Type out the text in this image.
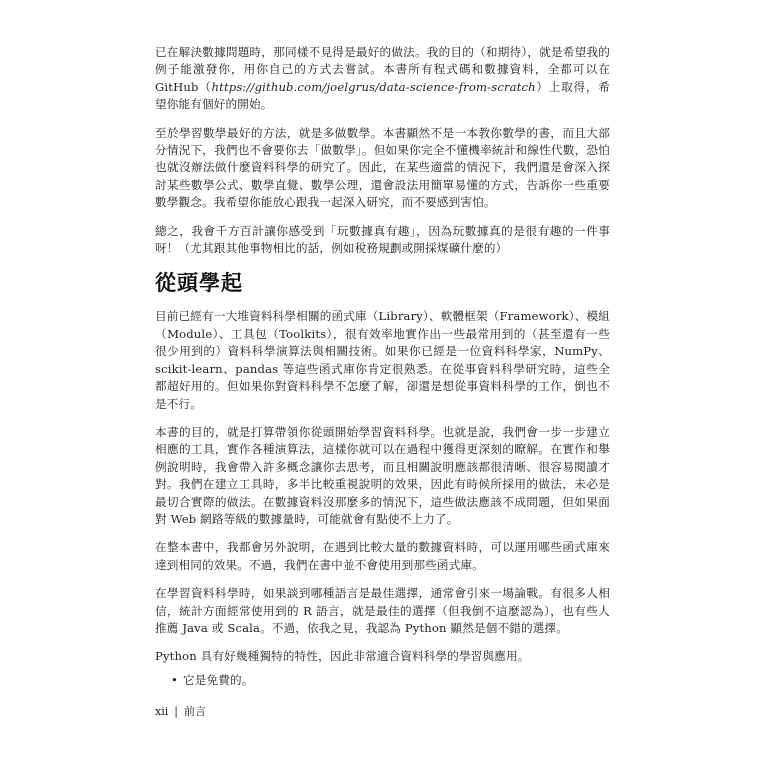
已在解決數據問題時，那同樣不見得是最好的做法。我的目的（和期待），就是希望我的例子能激發你，用你自己的方式去嘗試。本書所有程式碼和數據資料，全都可以在 GitHub（https://github.com/joelgrus/data-science-from-scratch）上取得，希望你能有個好的開始。

至於學習數學最好的方法，就是多做數學。本書顯然不是一本教你數學的書，而且大部分情況下，我們也不會要你去「做數學」。但如果你完全不懂機率統計和線性代數，恐怕也就沒辦法做什麼資料科學的研究了。因此，在某些適當的情況下，我們還是會深入探討某些數學公式、數學直覺、數學公理，還會設法用簡單易懂的方式，告訴你一些重要數學觀念。我希望你能放心跟我一起深入研究，而不要感到害怕。

總之，我會千方百計讓你感受到「玩數據真有趣」，因為玩數據真的是很有趣的一件事呀！（尤其跟其他事物相比的話，例如稅務規劃或開採煤礦什麼的）

從頭學起

目前已經有一大堆資料科學相關的函式庫（Library）、軟體框架（Framework）、模組（Module）、工具包（Toolkits），很有效率地實作出一些最常用到的（甚至還有一些很少用到的）資料科學演算法與相關技術。如果你已經是一位資料科學家，NumPy、scikit-learn、pandas 等這些函式庫你肯定很熟悉。在從事資料科學研究時，這些全都超好用的。但如果你對資料科學不怎麼了解，卻還是想從事資料科學的工作，倒也不是不行。

本書的目的，就是打算帶領你從頭開始學習資料科學。也就是說，我們會一步一步建立相應的工具，實作各種演算法，這樣你就可以在過程中獲得更深刻的瞭解。在實作和舉例說明時，我會帶入許多概念讓你去思考，而且相關說明應該都很清晰、很容易閱讀才對。我們在建立工具時，多半比較重視說明的效果，因此有時候所採用的做法，未必是最切合實際的做法。在數據資料沒那麼多的情況下，這些做法應該不成問題，但如果面對 Web 網路等級的數據量時，可能就會有點使不上力了。

在整本書中，我都會另外說明，在遇到比較大量的數據資料時，可以運用哪些函式庫來達到相同的效果。不過，我們在書中並不會使用到那些函式庫。

在學習資料科學時，如果談到哪種語言是最佳選擇，通常會引來一場論戰。有很多人相信，統計方面經常使用到的 R 語言，就是最佳的選擇（但我倒不這麼認為），也有些人推薦 Java 或 Scala。不過，依我之見，我認為 Python 顯然是個不錯的選擇。

Python 具有好幾種獨特的特性，因此非常適合資料科學的學習與應用。

• 它是免費的。
xii | 前言
